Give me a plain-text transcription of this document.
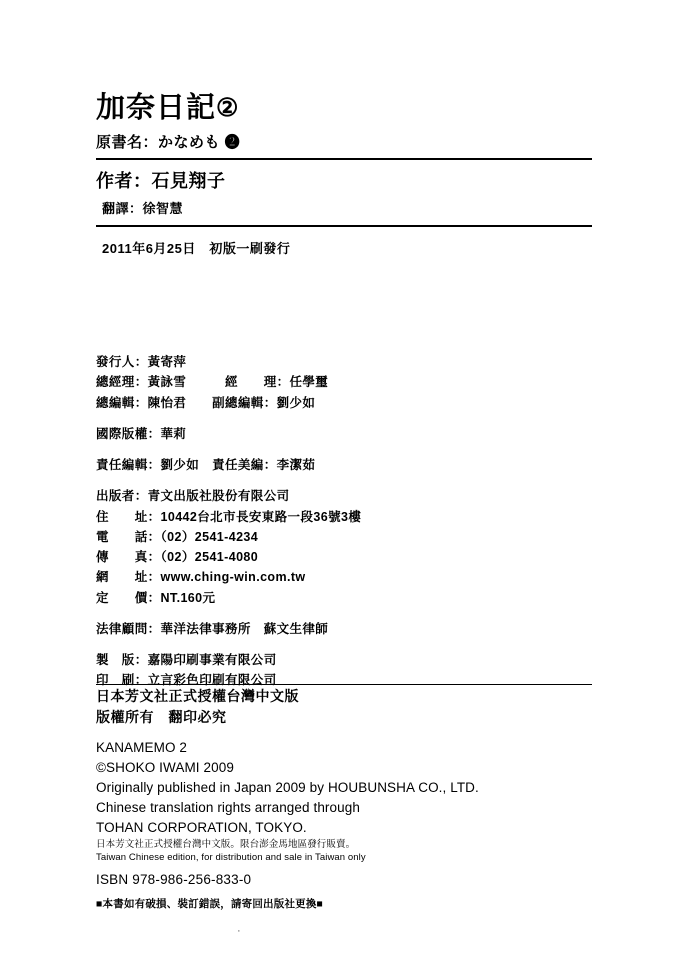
加奈日記②
原書名：かなめも ❷
作者：石見翔子
翻譯：徐智慧
2011年6月25日　初版一刷發行
發行人：黃寄萍
總經理：黃詠雪　　　經　　理：任學璽
總編輯：陳怡君　　副總編輯：劉少如
國際版權：華莉
責任編輯：劉少如　責任美編：李潔茹
出版者：青文出版社股份有限公司
住　　址：10442台北市長安東路一段36號3樓
電　　話：（02）2541-4234
傳　　真：（02）2541-4080
網　　址：www.ching-win.com.tw
定　　價：NT.160元
法律顧問：華洋法律事務所　蘇文生律師
製　版：嘉陽印刷事業有限公司
印　刷：立言彩色印刷有限公司
日本芳文社正式授權台灣中文版
版權所有　翻印必究
KANAMEMO 2
©SHOKO IWAMI 2009
Originally published in Japan 2009 by HOUBUNSHA CO., LTD.
Chinese translation rights arranged through
TOHAN CORPORATION, TOKYO.
日本芳文社正式授權台灣中文版。限台澎金馬地區發行販賣。
Taiwan Chinese edition, for distribution and sale in Taiwan only
ISBN 978-986-256-833-0
■本書如有破損、裝訂錯誤，請寄回出版社更換■
·
